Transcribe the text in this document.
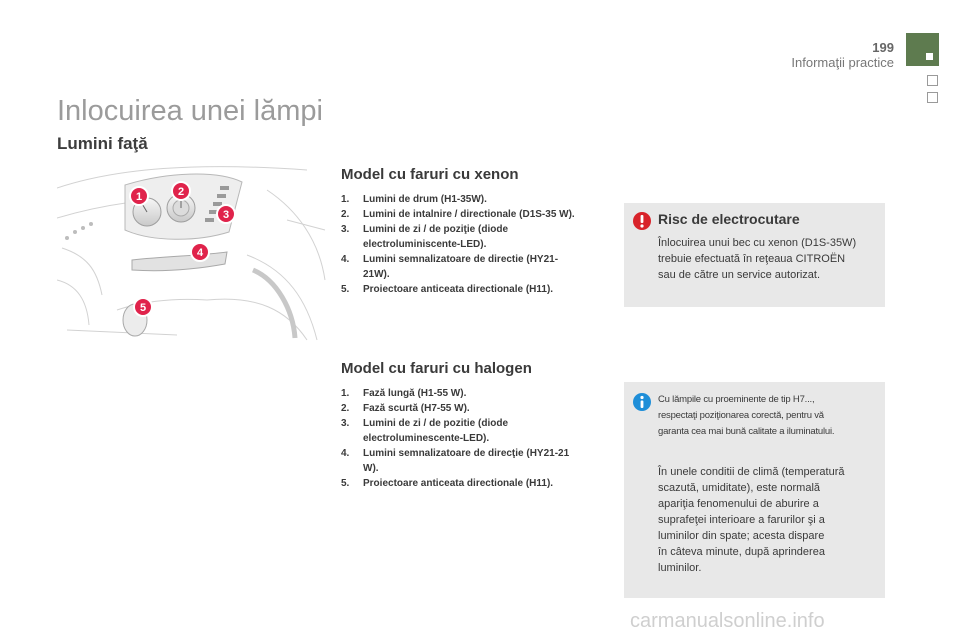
199
Informaţii practice
Inlocuirea unei lămpi
Lumini faţă
1	2
3
4
5
Model cu faruri cu xenon
1. Lumini de drum (H1-35W).
2. Lumini de intalnire / directionale (D1S-35 W).
3. Lumini de zi / de poziţie (diode electroluminiscente-LED).
4. Lumini semnalizatoare de directie (HY21-21W).
5. Proiectoare anticeata directionale (H11).
Model cu faruri cu halogen
1. Fază lungă (H1-55 W).
2. Fază scurtă (H7-55 W).
3. Lumini de zi / de pozitie (diode electroluminescente-LED).
4. Lumini semnalizatoare de direcţie (HY21-21 W).
5. Proiectoare anticeata directionale (H11).
Risc de electrocutare
Înlocuirea unui bec cu xenon (D1S-35W)
trebuie efectuată în reţeaua CITROËN
sau de către un service autorizat.
Cu lămpile cu proeminente de tip H7...,
respectaţi poziţionarea corectă, pentru vă
garanta cea mai bună calitate a iluminatului.
În unele conditii de climă (temperatură
scazută, umiditate), este normală
apariţia fenomenului de aburire a
suprafeţei interioare a farurilor şi a
luminilor din spate; acesta dispare
în câteva minute, după aprinderea
luminilor.
carmanualsonline.info
